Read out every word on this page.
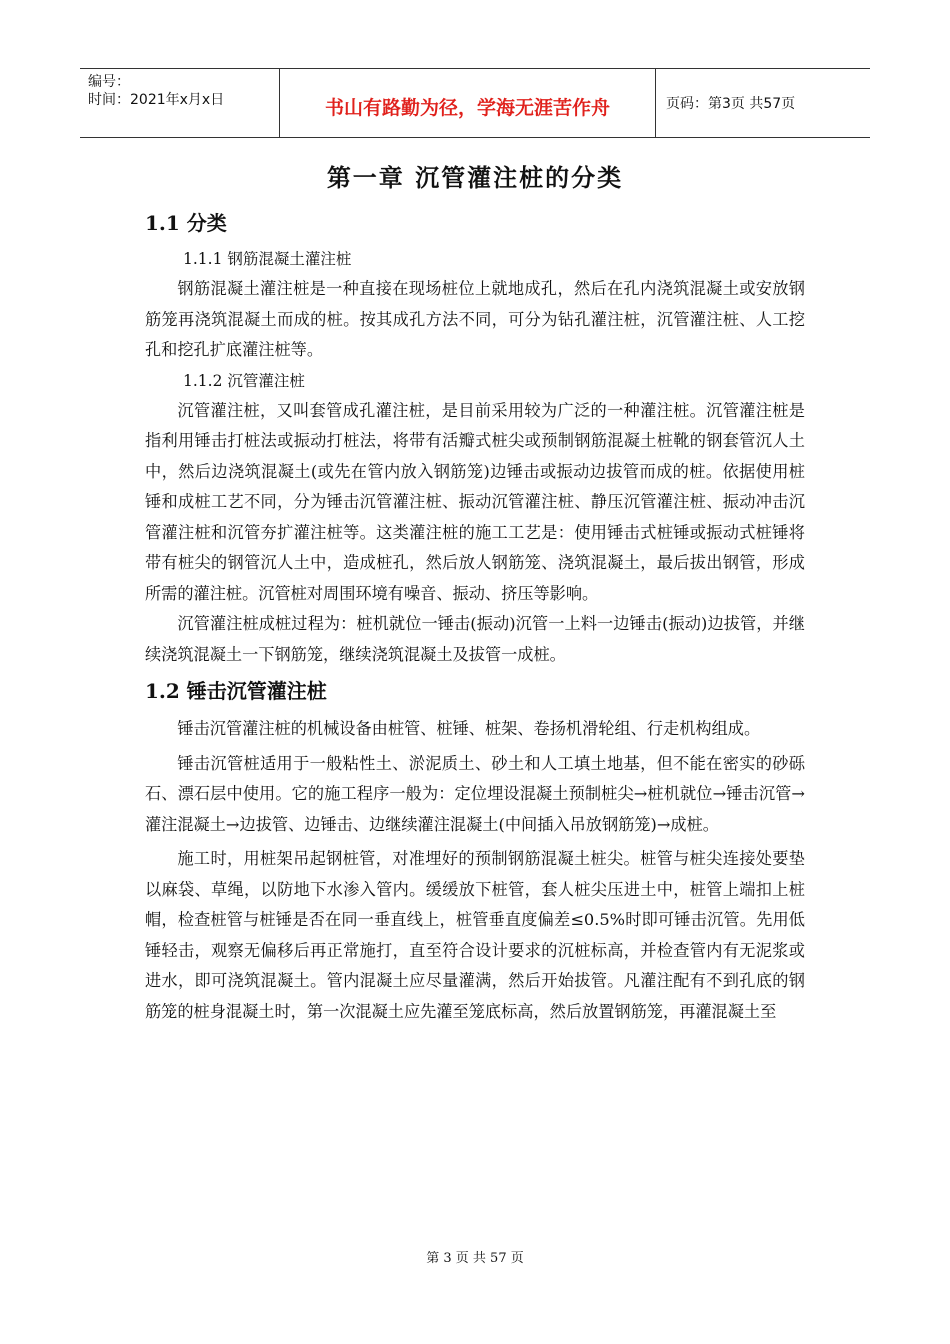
编号：
时间：2021年x月x日	书山有路勤为径，学海无涯苦作舟	页码：第3页 共57页
第一章 沉管灌注桩的分类
1.1 分类
1.1.1 钢筋混凝土灌注桩

钢筋混凝土灌注桩是一种直接在现场桩位上就地成孔，然后在孔内浇筑混凝土或安放钢筋笼再浇筑混凝土而成的桩。按其成孔方法不同，可分为钻孔灌注桩，沉管灌注桩、人工挖孔和挖孔扩底灌注桩等。

1.1.2 沉管灌注桩

沉管灌注桩，又叫套管成孔灌注桩，是目前采用较为广泛的一种灌注桩。沉管灌注桩是指利用锤击打桩法或振动打桩法，将带有活瓣式桩尖或预制钢筋混凝土桩靴的钢套管沉人土中，然后边浇筑混凝土(或先在管内放入钢筋笼)边锤击或振动边拔管而成的桩。依据使用桩锤和成桩工艺不同，分为锤击沉管灌注桩、振动沉管灌注桩、静压沉管灌注桩、振动冲击沉管灌注桩和沉管夯扩灌注桩等。这类灌注桩的施工工艺是：使用锤击式桩锤或振动式桩锤将带有桩尖的钢管沉人土中，造成桩孔，然后放人钢筋笼、浇筑混凝土，最后拔出钢管，形成所需的灌注桩。沉管桩对周围环境有噪音、振动、挤压等影响。

沉管灌注桩成桩过程为：桩机就位一锤击(振动)沉管一上料一边锤击(振动)边拔管，并继续浇筑混凝土一下钢筋笼，继续浇筑混凝土及拔管一成桩。

1.2 锤击沉管灌注桩

锤击沉管灌注桩的机械设备由桩管、桩锤、桩架、卷扬机滑轮组、行走机构组成。

锤击沉管桩适用于一般粘性土、淤泥质土、砂土和人工填土地基，但不能在密实的砂砾石、漂石层中使用。它的施工程序一般为：定位埋设混凝土预制桩尖→桩机就位→锤击沉管→灌注混凝土→边拔管、边锤击、边继续灌注混凝土(中间插入吊放钢筋笼)→成桩。

施工时，用桩架吊起钢桩管，对准埋好的预制钢筋混凝土桩尖。桩管与桩尖连接处要垫以麻袋、草绳，以防地下水渗入管内。缓缓放下桩管，套人桩尖压进土中，桩管上端扣上桩帽，检查桩管与桩锤是否在同一垂直线上，桩管垂直度偏差≤0.5%时即可锤击沉管。先用低锤轻击，观察无偏移后再正常施打，直至符合设计要求的沉桩标高，并检查管内有无泥浆或进水，即可浇筑混凝土。管内混凝土应尽量灌满，然后开始拔管。凡灌注配有不到孔底的钢筋笼的桩身混凝土时，第一次混凝土应先灌至笼底标高，然后放置钢筋笼，再灌混凝土至

第 3 页 共 57 页
